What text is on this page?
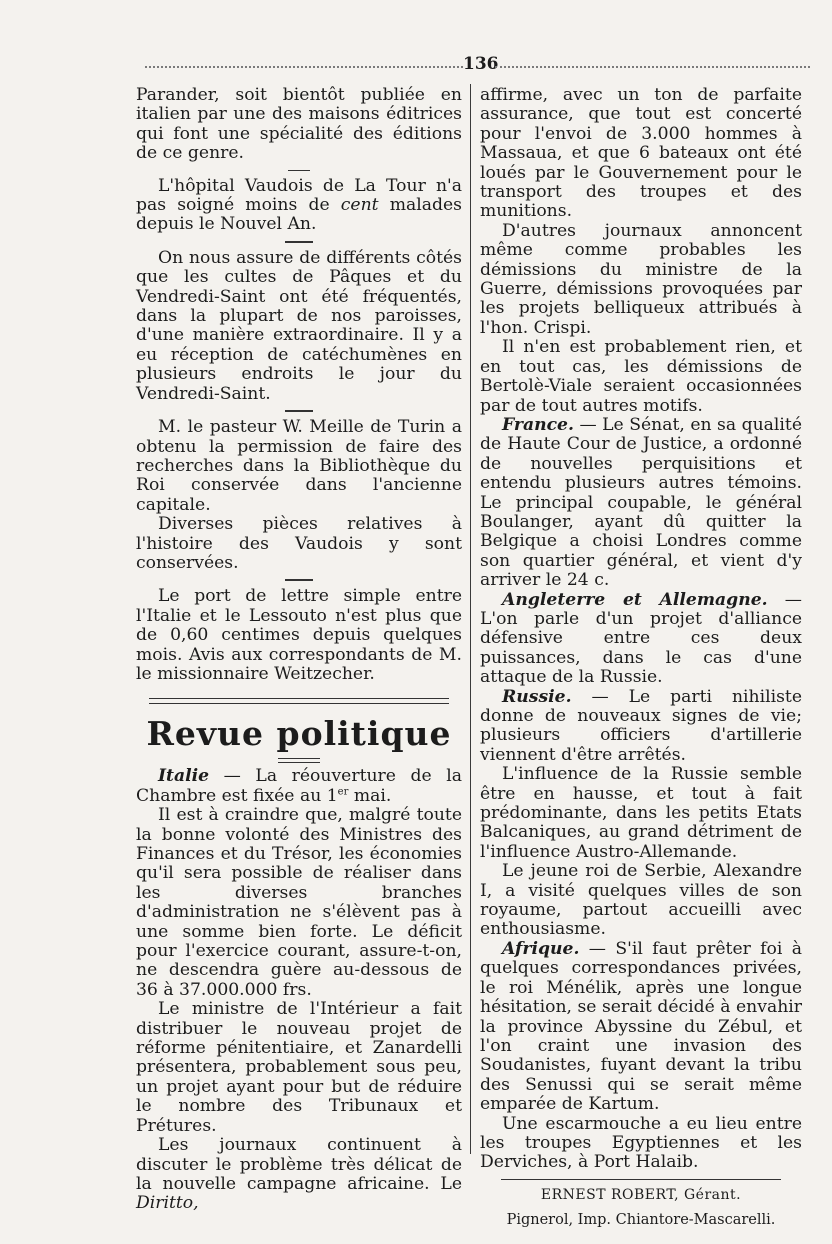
136

Parander, soit bientôt publiée en italien par une des maisons éditrices qui font une spécialité des éditions de ce genre.

L'hôpital Vaudois de La Tour n'a pas soigné moins de cent malades depuis le Nouvel An.

On nous assure de différents côtés que les cultes de Pâques et du Vendredi-Saint ont été fréquentés, dans la plupart de nos paroisses, d'une manière extraordinaire. Il y a eu réception de catéchumènes en plusieurs endroits le jour du Vendredi-Saint.

M. le pasteur W. Meille de Turin a obtenu la permission de faire des recherches dans la Bibliothèque du Roi conservée dans l'ancienne capitale.

Diverses pièces relatives à l'histoire des Vaudois y sont conservées.

Le port de lettre simple entre l'Italie et le Lessouto n'est plus que de 0,60 centimes depuis quelques mois. Avis aux correspondants de M. le missionnaire Weitzecher.

Revue politique

Italie — La réouverture de la Chambre est fixée au 1er mai.

Il est à craindre que, malgré toute la bonne volonté des Ministres des Finances et du Trésor, les économies qu'il sera possible de réaliser dans les diverses branches d'administration ne s'élèvent pas à une somme bien forte. Le déficit pour l'exercice courant, assure-t-on, ne descendra guère au-dessous de 36 à 37.000.000 frs.

Le ministre de l'Intérieur a fait distribuer le nouveau projet de réforme pénitentiaire, et Zanardelli présentera, probablement sous peu, un projet ayant pour but de réduire le nombre des Tribunaux et Prétures.

Les journaux continuent à discuter le problème très délicat de la nouvelle campagne africaine. Le Diritto,

affirme, avec un ton de parfaite assurance, que tout est concerté pour l'envoi de 3.000 hommes à Massaua, et que 6 bateaux ont été loués par le Gouvernement pour le transport des troupes et des munitions.

D'autres journaux annoncent même comme probables les démissions du ministre de la Guerre, démissions provoquées par les projets belliqueux attribués à l'hon. Crispi.

Il n'en est probablement rien, et en tout cas, les démissions de Bertolè-Viale seraient occasionnées par de tout autres motifs.

France. — Le Sénat, en sa qualité de Haute Cour de Justice, a ordonné de nouvelles perquisitions et entendu plusieurs autres témoins. Le principal coupable, le général Boulanger, ayant dû quitter la Belgique a choisi Londres comme son quartier général, et vient d'y arriver le 24 c.

Angleterre et Allemagne. — L'on parle d'un projet d'alliance défensive entre ces deux puissances, dans le cas d'une attaque de la Russie.

Russie. — Le parti nihiliste donne de nouveaux signes de vie; plusieurs officiers d'artillerie viennent d'être arrêtés.

L'influence de la Russie semble être en hausse, et tout à fait prédominante, dans les petits Etats Balcaniques, au grand détriment de l'influence Austro-Allemande.

Le jeune roi de Serbie, Alexandre I, a visité quelques villes de son royaume, partout accueilli avec enthousiasme.

Afrique. — S'il faut prêter foi à quelques correspondances privées, le roi Ménélik, après une longue hésitation, se serait décidé à envahir la province Abyssine du Zébul, et l'on craint une invasion des Soudanistes, fuyant devant la tribu des Senussi qui se serait même emparée de Kartum.

Une escarmouche a eu lieu entre les troupes Egyptiennes et les Derviches, à Port Halaib.

ERNEST ROBERT, Gérant.
Pignerol, Imp. Chiantore-Mascarelli.
